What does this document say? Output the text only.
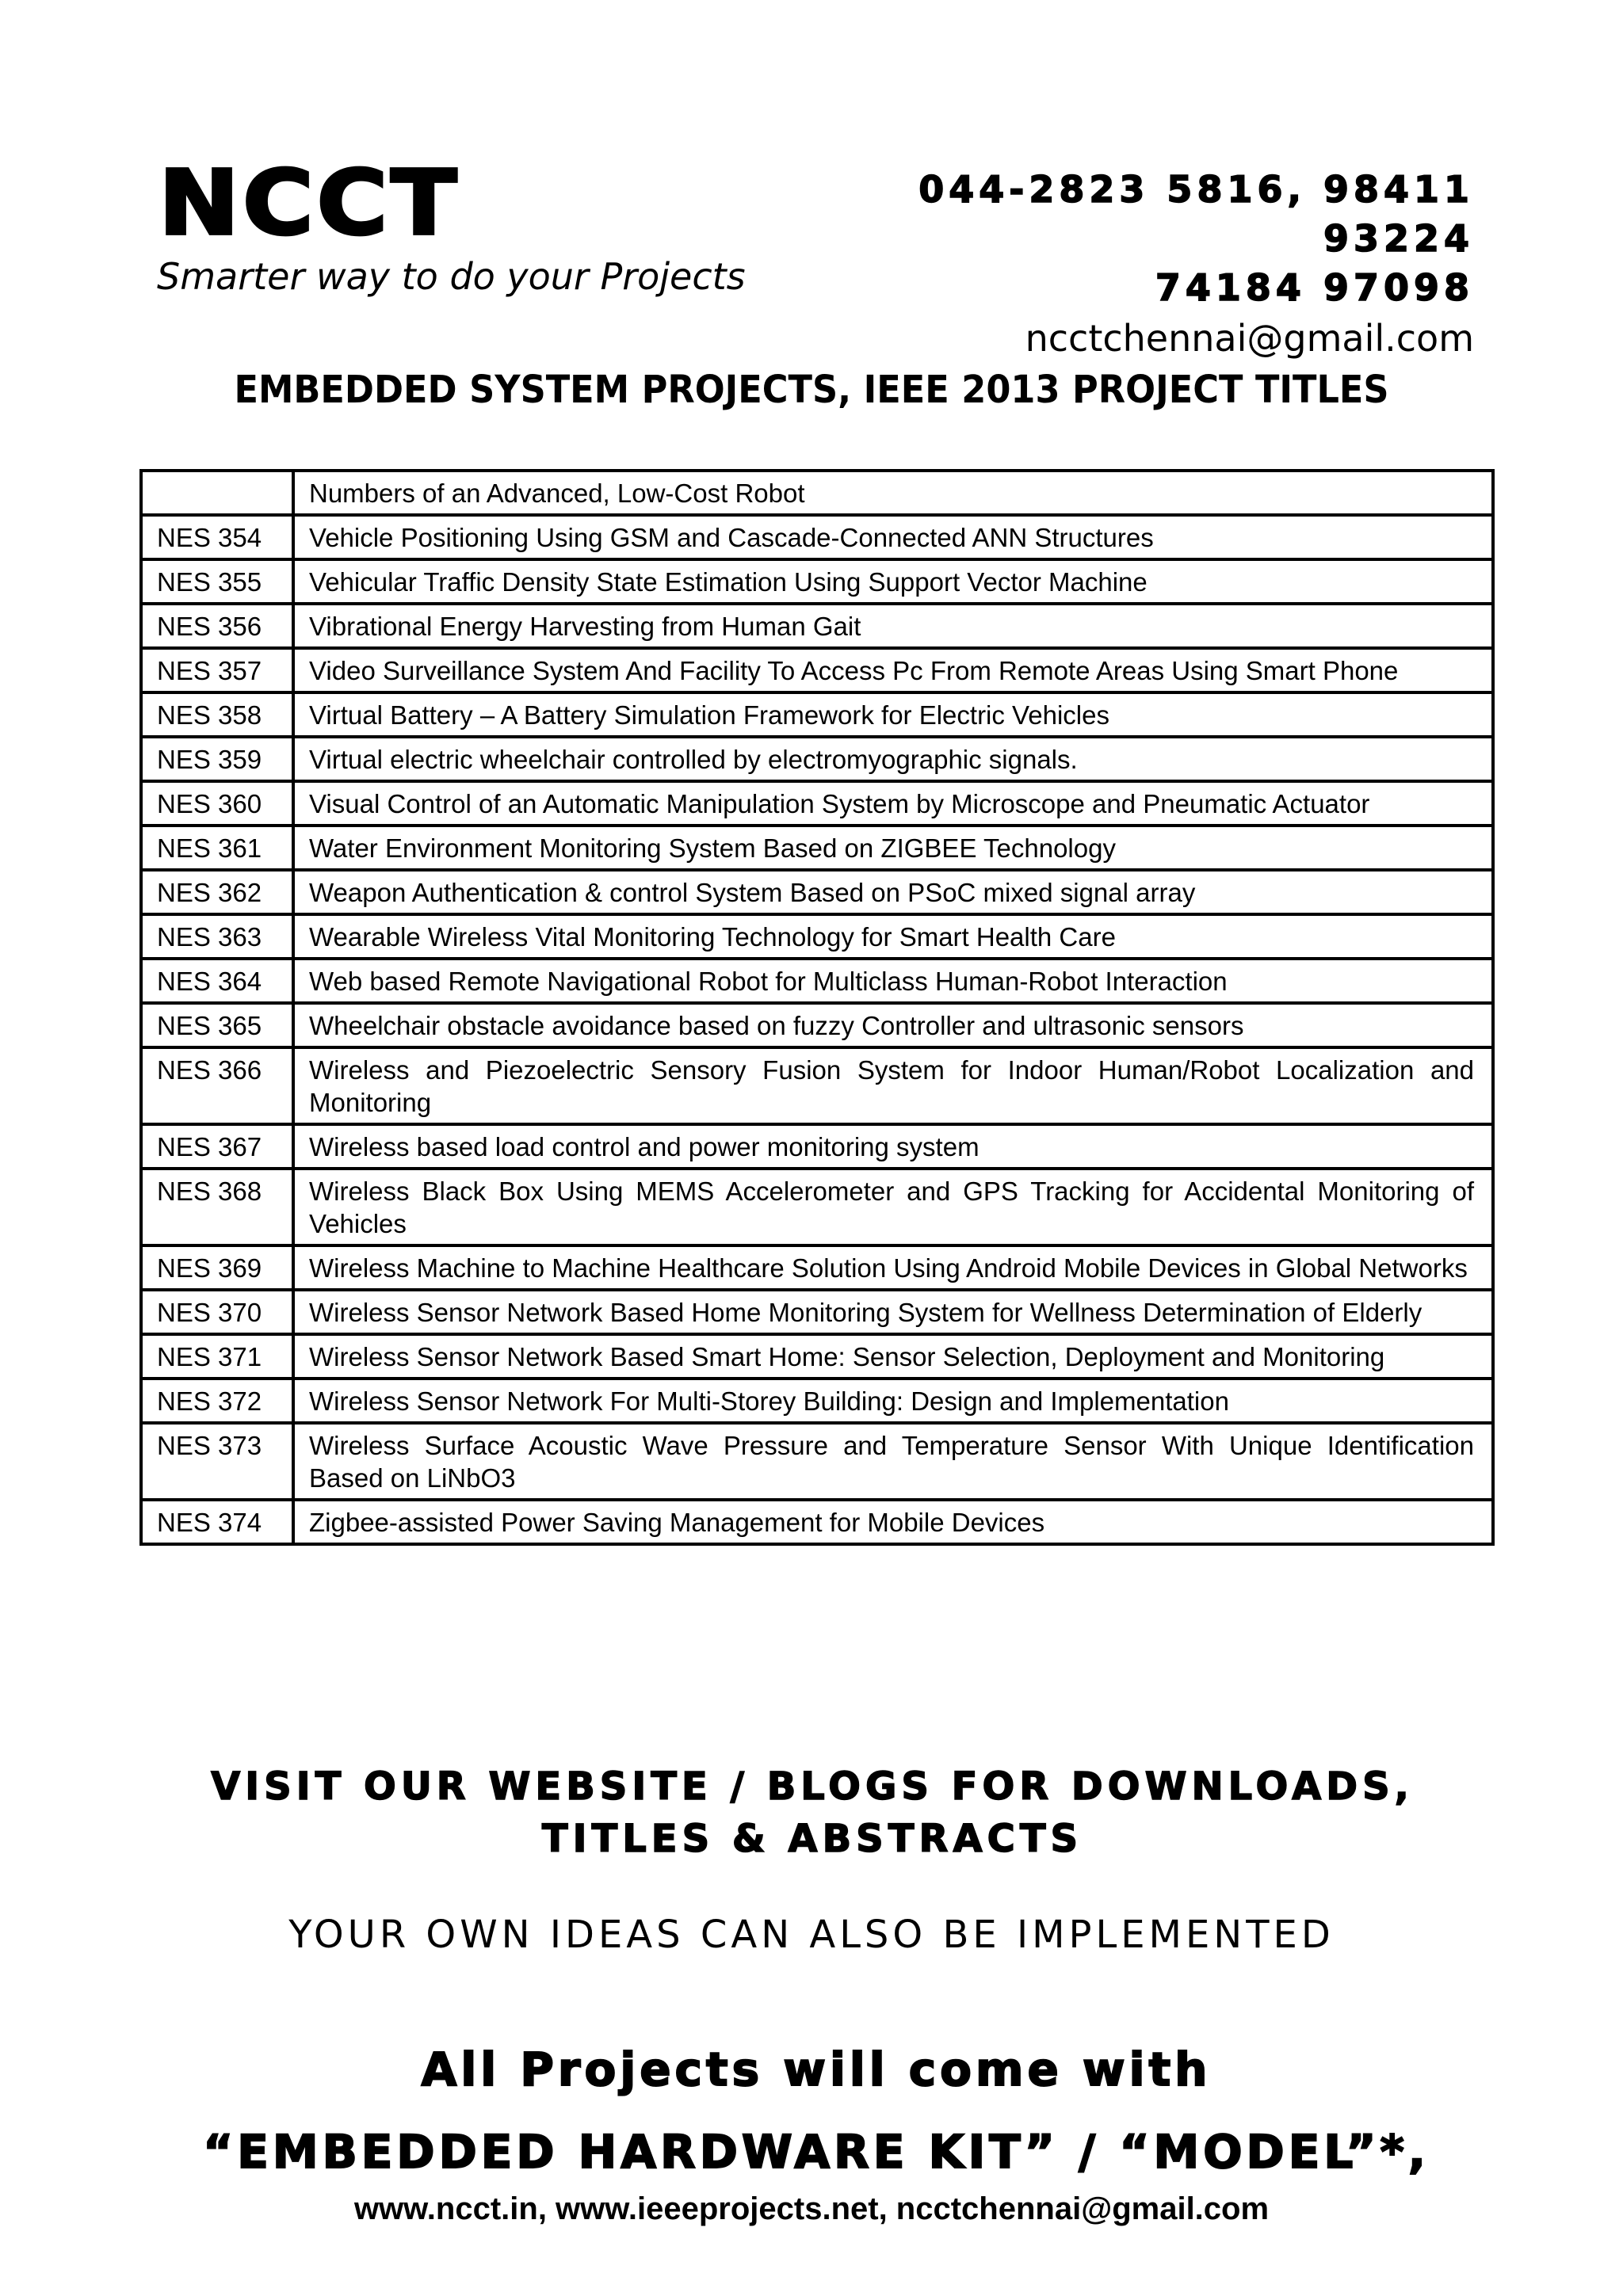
NCCT
Smarter way to do your Projects
044-2823 5816, 98411
93224
74184 97098
ncctchennai@gmail.com
EMBEDDED SYSTEM PROJECTS, IEEE 2013 PROJECT TITLES
	Numbers of an Advanced, Low-Cost Robot
NES 354	Vehicle Positioning Using GSM and Cascade-Connected ANN Structures
NES 355	Vehicular Traffic Density State Estimation Using Support Vector Machine
NES 356	Vibrational Energy Harvesting from Human Gait
NES 357	Video Surveillance System And Facility To Access Pc From Remote Areas Using Smart Phone
NES 358	Virtual Battery – A Battery Simulation Framework for Electric Vehicles
NES 359	Virtual electric wheelchair controlled by electromyographic signals.
NES 360	Visual Control of an Automatic Manipulation System by Microscope and Pneumatic Actuator
NES 361	Water Environment Monitoring System Based on ZIGBEE Technology
NES 362	Weapon Authentication & control System Based on PSoC mixed signal array
NES 363	Wearable Wireless Vital Monitoring Technology for Smart Health Care
NES 364	Web based Remote Navigational Robot for Multiclass Human-Robot Interaction
NES 365	Wheelchair obstacle avoidance based on fuzzy Controller and ultrasonic sensors
NES 366	Wireless and Piezoelectric Sensory Fusion System for Indoor Human/Robot Localization and Monitoring
NES 367	Wireless based load control and power monitoring system
NES 368	Wireless Black Box Using MEMS Accelerometer and GPS Tracking for Accidental Monitoring of Vehicles
NES 369	Wireless Machine to Machine Healthcare Solution Using Android Mobile Devices in Global Networks
NES 370	Wireless Sensor Network Based Home Monitoring System for Wellness Determination of Elderly
NES 371	Wireless Sensor Network Based Smart Home: Sensor Selection, Deployment and Monitoring
NES 372	Wireless Sensor Network For Multi-Storey Building: Design and Implementation
NES 373	Wireless Surface Acoustic Wave Pressure and Temperature Sensor With Unique Identification Based on LiNbO3
NES 374	Zigbee-assisted Power Saving Management for Mobile Devices
VISIT OUR WEBSITE / BLOGS FOR DOWNLOADS, TITLES & ABSTRACTS
YOUR OWN IDEAS CAN ALSO BE IMPLEMENTED
All Projects will come with
“EMBEDDED HARDWARE KIT” / “MODEL”*,
www.ncct.in, www.ieeeprojects.net, ncctchennai@gmail.com
